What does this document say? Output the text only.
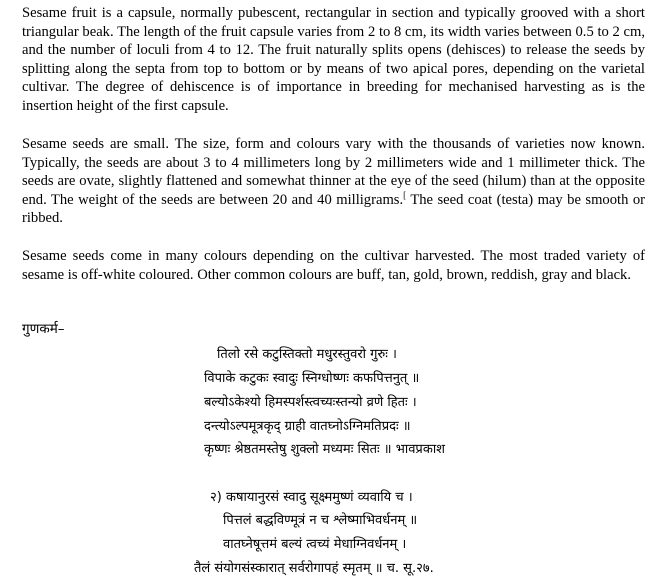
Sesame fruit is a capsule, normally pubescent, rectangular in section and typically grooved with a short triangular beak. The length of the fruit capsule varies from 2 to 8 cm, its width varies between 0.5 to 2 cm, and the number of loculi from 4 to 12. The fruit naturally splits opens (dehisces) to release the seeds by splitting along the septa from top to bottom or by means of two apical pores, depending on the varietal cultivar. The degree of dehiscence is of importance in breeding for mechanised harvesting as is the insertion height of the first capsule.

Sesame seeds are small. The size, form and colours vary with the thousands of varieties now known. Typically, the seeds are about 3 to 4 millimeters long by 2 millimeters wide and 1 millimeter thick. The seeds are ovate, slightly flattened and somewhat thinner at the eye of the seed (hilum) than at the opposite end. The weight of the seeds are between 20 and 40 milligrams.[ The seed coat (testa) may be smooth or ribbed.

Sesame seeds come in many colours depending on the cultivar harvested. The most traded variety of sesame is off-white coloured. Other common colours are buff, tan, gold, brown, reddish, gray and black.

गुणकर्म–

तिलो रसे कटुस्तिक्तो मधुरस्तुवरो गुरुः ।

विपाके कटुकः स्वादुः स्निग्धोष्णः कफपित्तनुत् ॥

बल्योऽकेश्यो हिमस्पर्शस्त्वच्यःस्तन्यो व्रणे हितः ।

दन्त्योऽल्पमूत्रकृद् ग्राही वातघ्नोऽग्निमतिप्रदः ॥

कृष्णः श्रेष्ठतमस्तेषु शुक्लो मध्यमः सितः ॥ भावप्रकाश

२) कषायानुरसं स्वादु सूक्ष्ममुष्णं व्यवायि च ।

पित्तलं बद्धविण्मूत्रं न च श्लेष्माभिवर्धनम् ॥

वातघ्नेषूत्तमं बल्यं त्वच्यं मेधाग्निवर्धनम् ।

तैलं संयोगसंस्कारात् सर्वरोगापहं स्मृतम् ॥ च. सू.२७.
